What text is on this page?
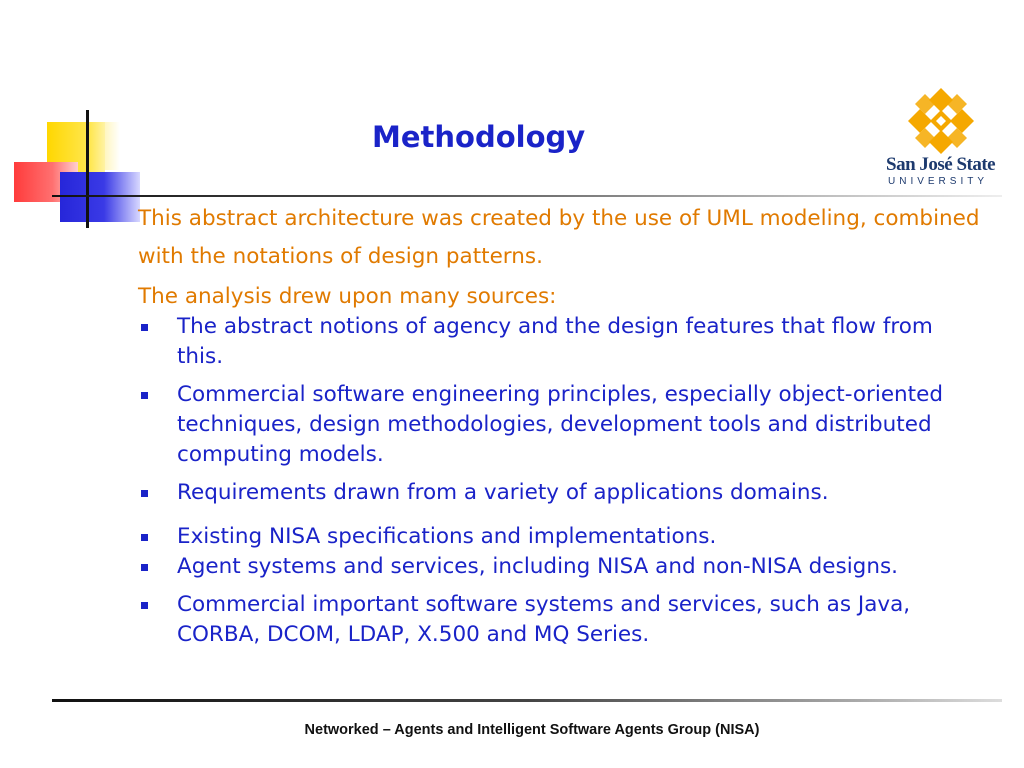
Methodology
San José State
UNIVERSITY

This abstract architecture was created by the use of UML modeling, combined with the notations of design patterns.

The analysis drew upon many sources:

The abstract notions of agency and the design features that flow from this.
Commercial software engineering principles, especially object-oriented techniques, design methodologies, development tools and distributed computing models.
Requirements drawn from a variety of applications domains.
Existing NISA specifications and implementations.
Agent systems and services, including NISA and non-NISA designs.
Commercial important software systems and services, such as Java, CORBA, DCOM, LDAP, X.500 and MQ Series.
Networked – Agents and Intelligent Software Agents Group (NISA)
